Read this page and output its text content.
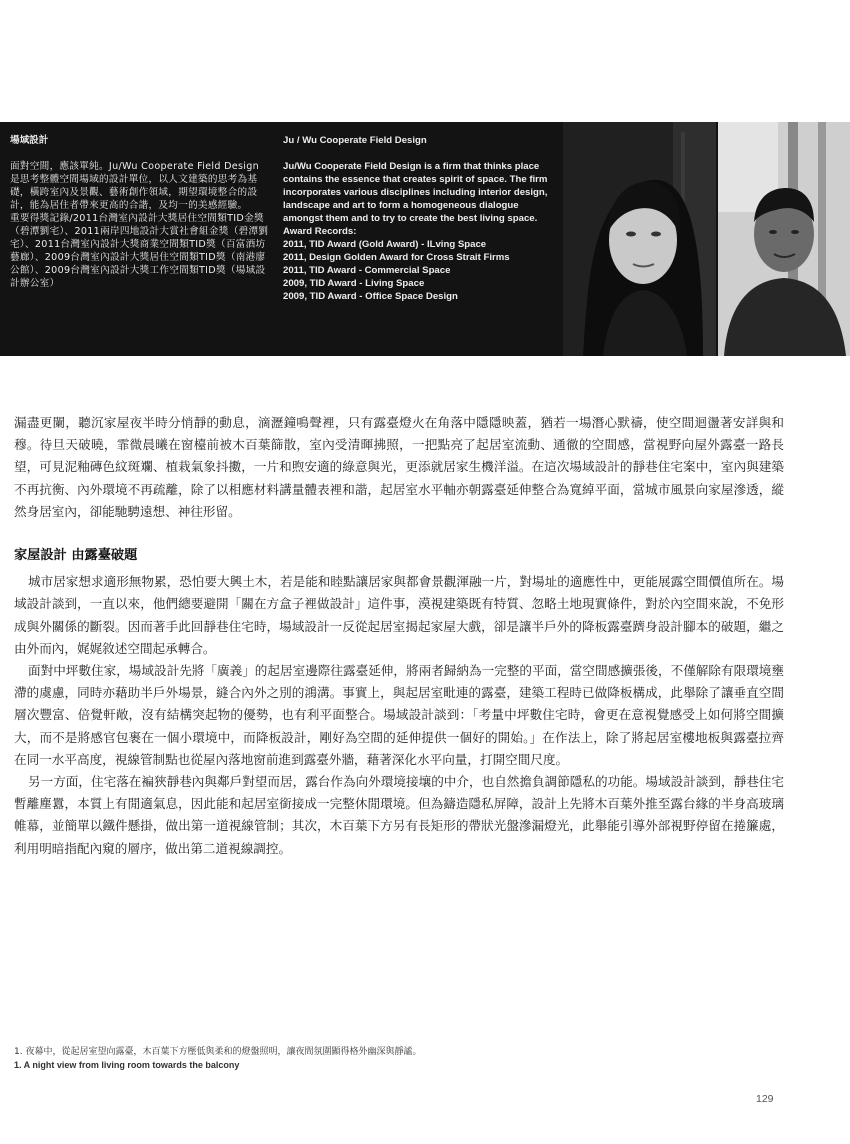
場域設計
面對空間，應該單純。Ju/Wu Cooperate Field Design 是思考整體空間場域的設計單位，以人文建築的思考為基礎，橫跨室內及景觀、藝術創作領域，期望環境整合的設計，能為居住者帶來更高的合諧，及均一的美感經驗。
重要得獎記錄/2011台灣室內設計大獎居住空間類TID金獎（碧潭劉宅）、2011兩岸四地設計大賞社會組金獎（碧潭劉宅）、2011台灣室內設計大獎商業空間類TID獎（百富酒坊藝廊）、2009台灣室內設計大獎居住空間類TID獎（南港廖公館）、2009台灣室內設計大獎工作空間類TID獎（場域設計辦公室）
Ju / Wu Cooperate Field Design
Ju/Wu Cooperate Field Design is a firm that thinks place contains the essence that creates spirit of space. The firm incorporates various disciplines including interior design, landscape and art to form a homogeneous dialogue amongst them and to try to create the best living space.
Award Records:
2011, TID Award (Gold Award) - ILving Space
2011, Design Golden Award for Cross Strait Firms
2011, TID Award - Commercial Space
2009, TID Award - Living Space
2009, TID Award - Office Space Design

漏盡更闌，聽沉家屋夜半時分悄靜的動息，滴瀝鐘鳴聲裡，只有露臺燈火在角落中隱隱映蓋，猶若一場潛心默禱，使空間迴盪著安詳與和穆。待旦天破曉，霏微晨曦在窗檯前被木百葉篩散，室內受清暉拂照，一把點亮了起居室流動、通徹的空間感，當視野向屋外露臺一路長望，可見泥釉磚色紋斑斕、植栽氣象抖擻，一片和煦安適的綠意與光，更添就居家生機洋溢。在這次場域設計的靜巷住宅案中，室內與建築不再抗衡、內外環境不再疏離，除了以相應材料講量體表裡和諧，起居室水平軸亦朝露臺延伸整合為寬綽平面，當城市風景向家屋滲透，縱然身居室內，卻能馳騁遠想、神往形留。

家屋設計 由露臺破題

城市居家想求適形無物累，恐怕要大興土木，若是能和睦點讓居家與都會景觀渾融一片，對場址的適應性中，更能展露空間價值所在。場域設計談到，一直以來，他們總要避開「關在方盒子裡做設計」這件事，漠視建築既有特質、忽略土地現實條件，對於內空間來說，不免形成與外關係的斷裂。因而著手此回靜巷住宅時，場域設計一反從起居室揭起家屋大戲，卻是讓半戶外的降板露臺躋身設計腳本的破題，繼之由外而內，娓娓敘述空間起承轉合。

面對中坪數住家，場域設計先將「廣義」的起居室邊際往露臺延伸，將兩者歸納為一完整的平面，當空間感擴張後，不僅解除有限環境壅滯的虞慮，同時亦藉助半戶外場景，縫合內外之別的鴻溝。事實上，與起居室毗連的露臺，建築工程時已做降板構成，此舉除了讓垂直空間層次豐富、倍覺軒敞，沒有結構突起物的優勢，也有利平面整合。場域設計談到：「考量中坪數住宅時，會更在意視覺感受上如何將空間擴大，而不是將感官包裹在一個小環境中，而降板設計，剛好為空間的延伸提供一個好的開始。」在作法上，除了將起居室樓地板與露臺拉齊在同一水平高度，視線管制點也從屋內落地窗前進到露臺外牆，藉著深化水平向量，打開空間尺度。

另一方面，住宅落在褊狹靜巷內與鄰戶對望而居，露台作為向外環境接壤的中介，也自然擔負調節隱私的功能。場域設計談到，靜巷住宅暫離塵囂，本質上有閒適氣息，因此能和起居室銜接成一完整休閒環境。但為鑄造隱私屏障，設計上先將木百葉外推至露台緣的半身高玻璃帷幕，並簡單以鐵件懸掛，做出第一道視線管制；其次，木百葉下方另有長矩形的帶狀光盤滲漏燈光，此舉能引導外部視野停留在捲簾處，利用明暗指配內窺的層序，做出第二道視線調控。

1. 夜幕中，從起居室望向露臺，木百葉下方壓低與柔和的燈盤照明，讓夜間氛圍顯得格外幽深與靜謐。
1. A night view from living room towards the balcony
129
